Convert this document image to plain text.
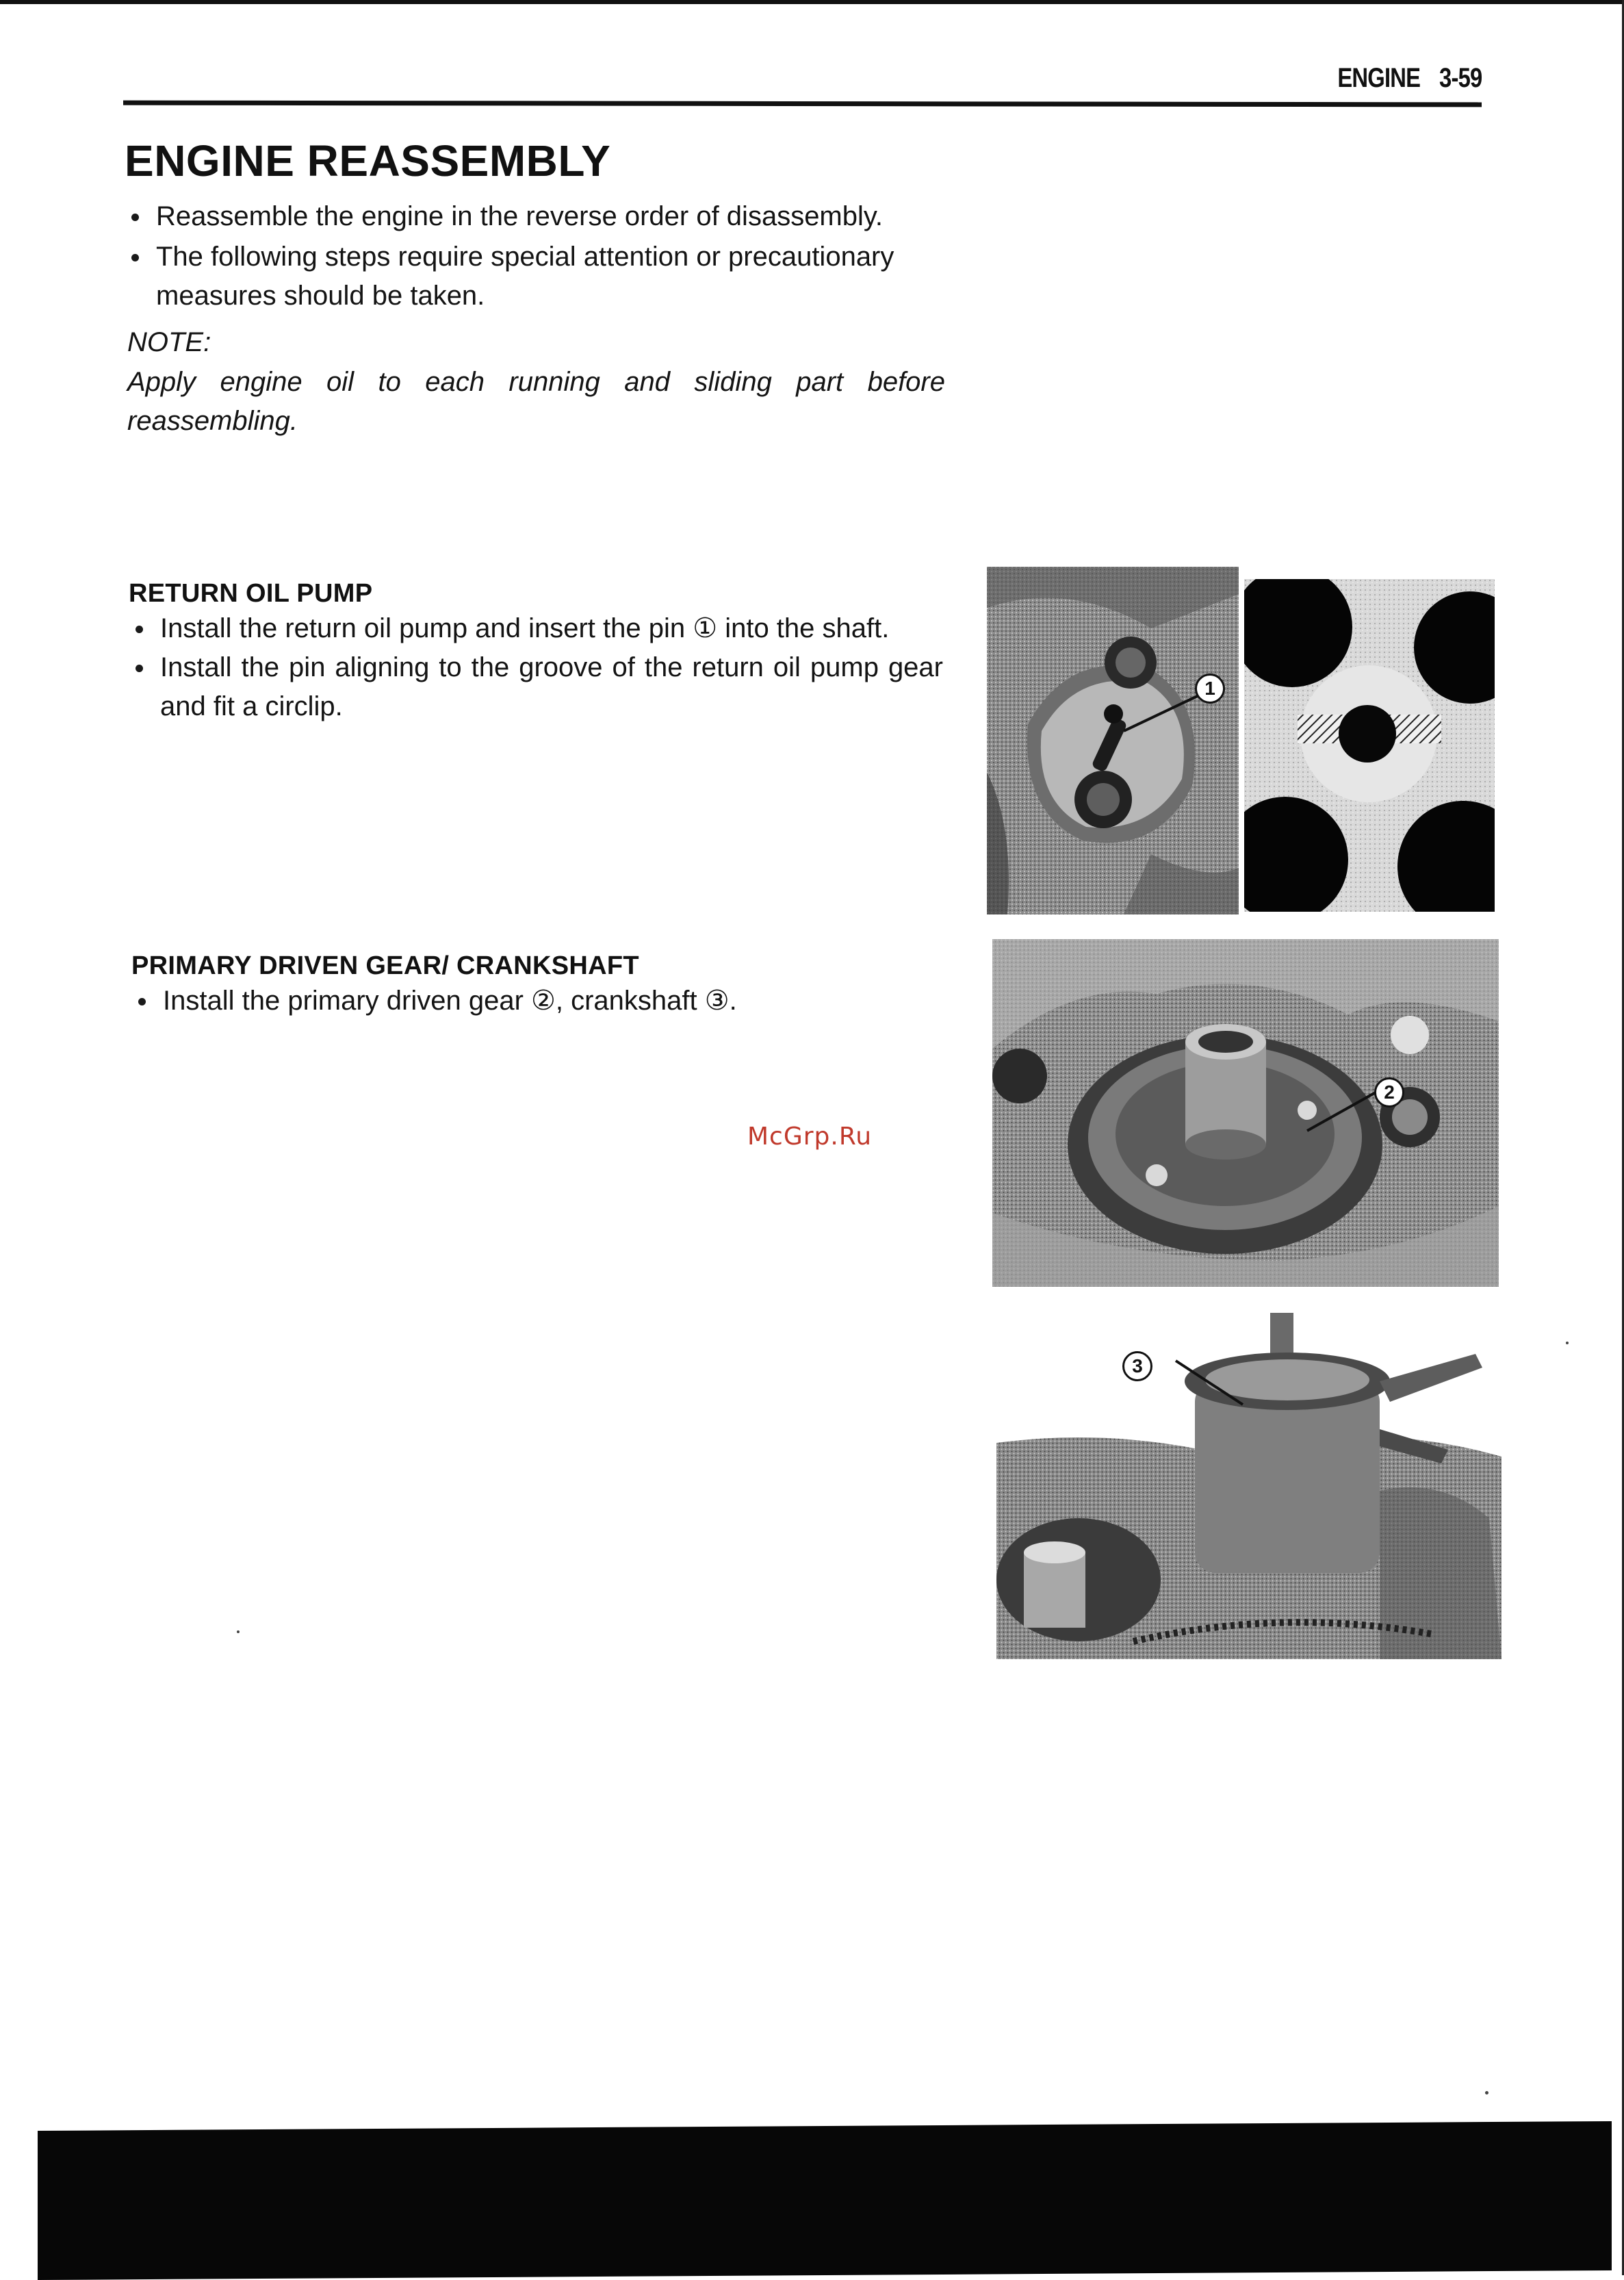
ENGINE 3-59
ENGINE REASSEMBLY
Reassemble the engine in the reverse order of disassembly.
The following steps require special attention or precautionary measures should be taken.

NOTE:

Apply engine oil to each running and sliding part before reassembling.

RETURN OIL PUMP
Install the return oil pump and insert the pin ① into the shaft.
Install the pin aligning to the groove of the return oil pump gear and fit a circlip.
PRIMARY DRIVEN GEAR/ CRANKSHAFT
Install the primary driven gear ②, crankshaft ③.
1
2
3
McGrp.Ru
